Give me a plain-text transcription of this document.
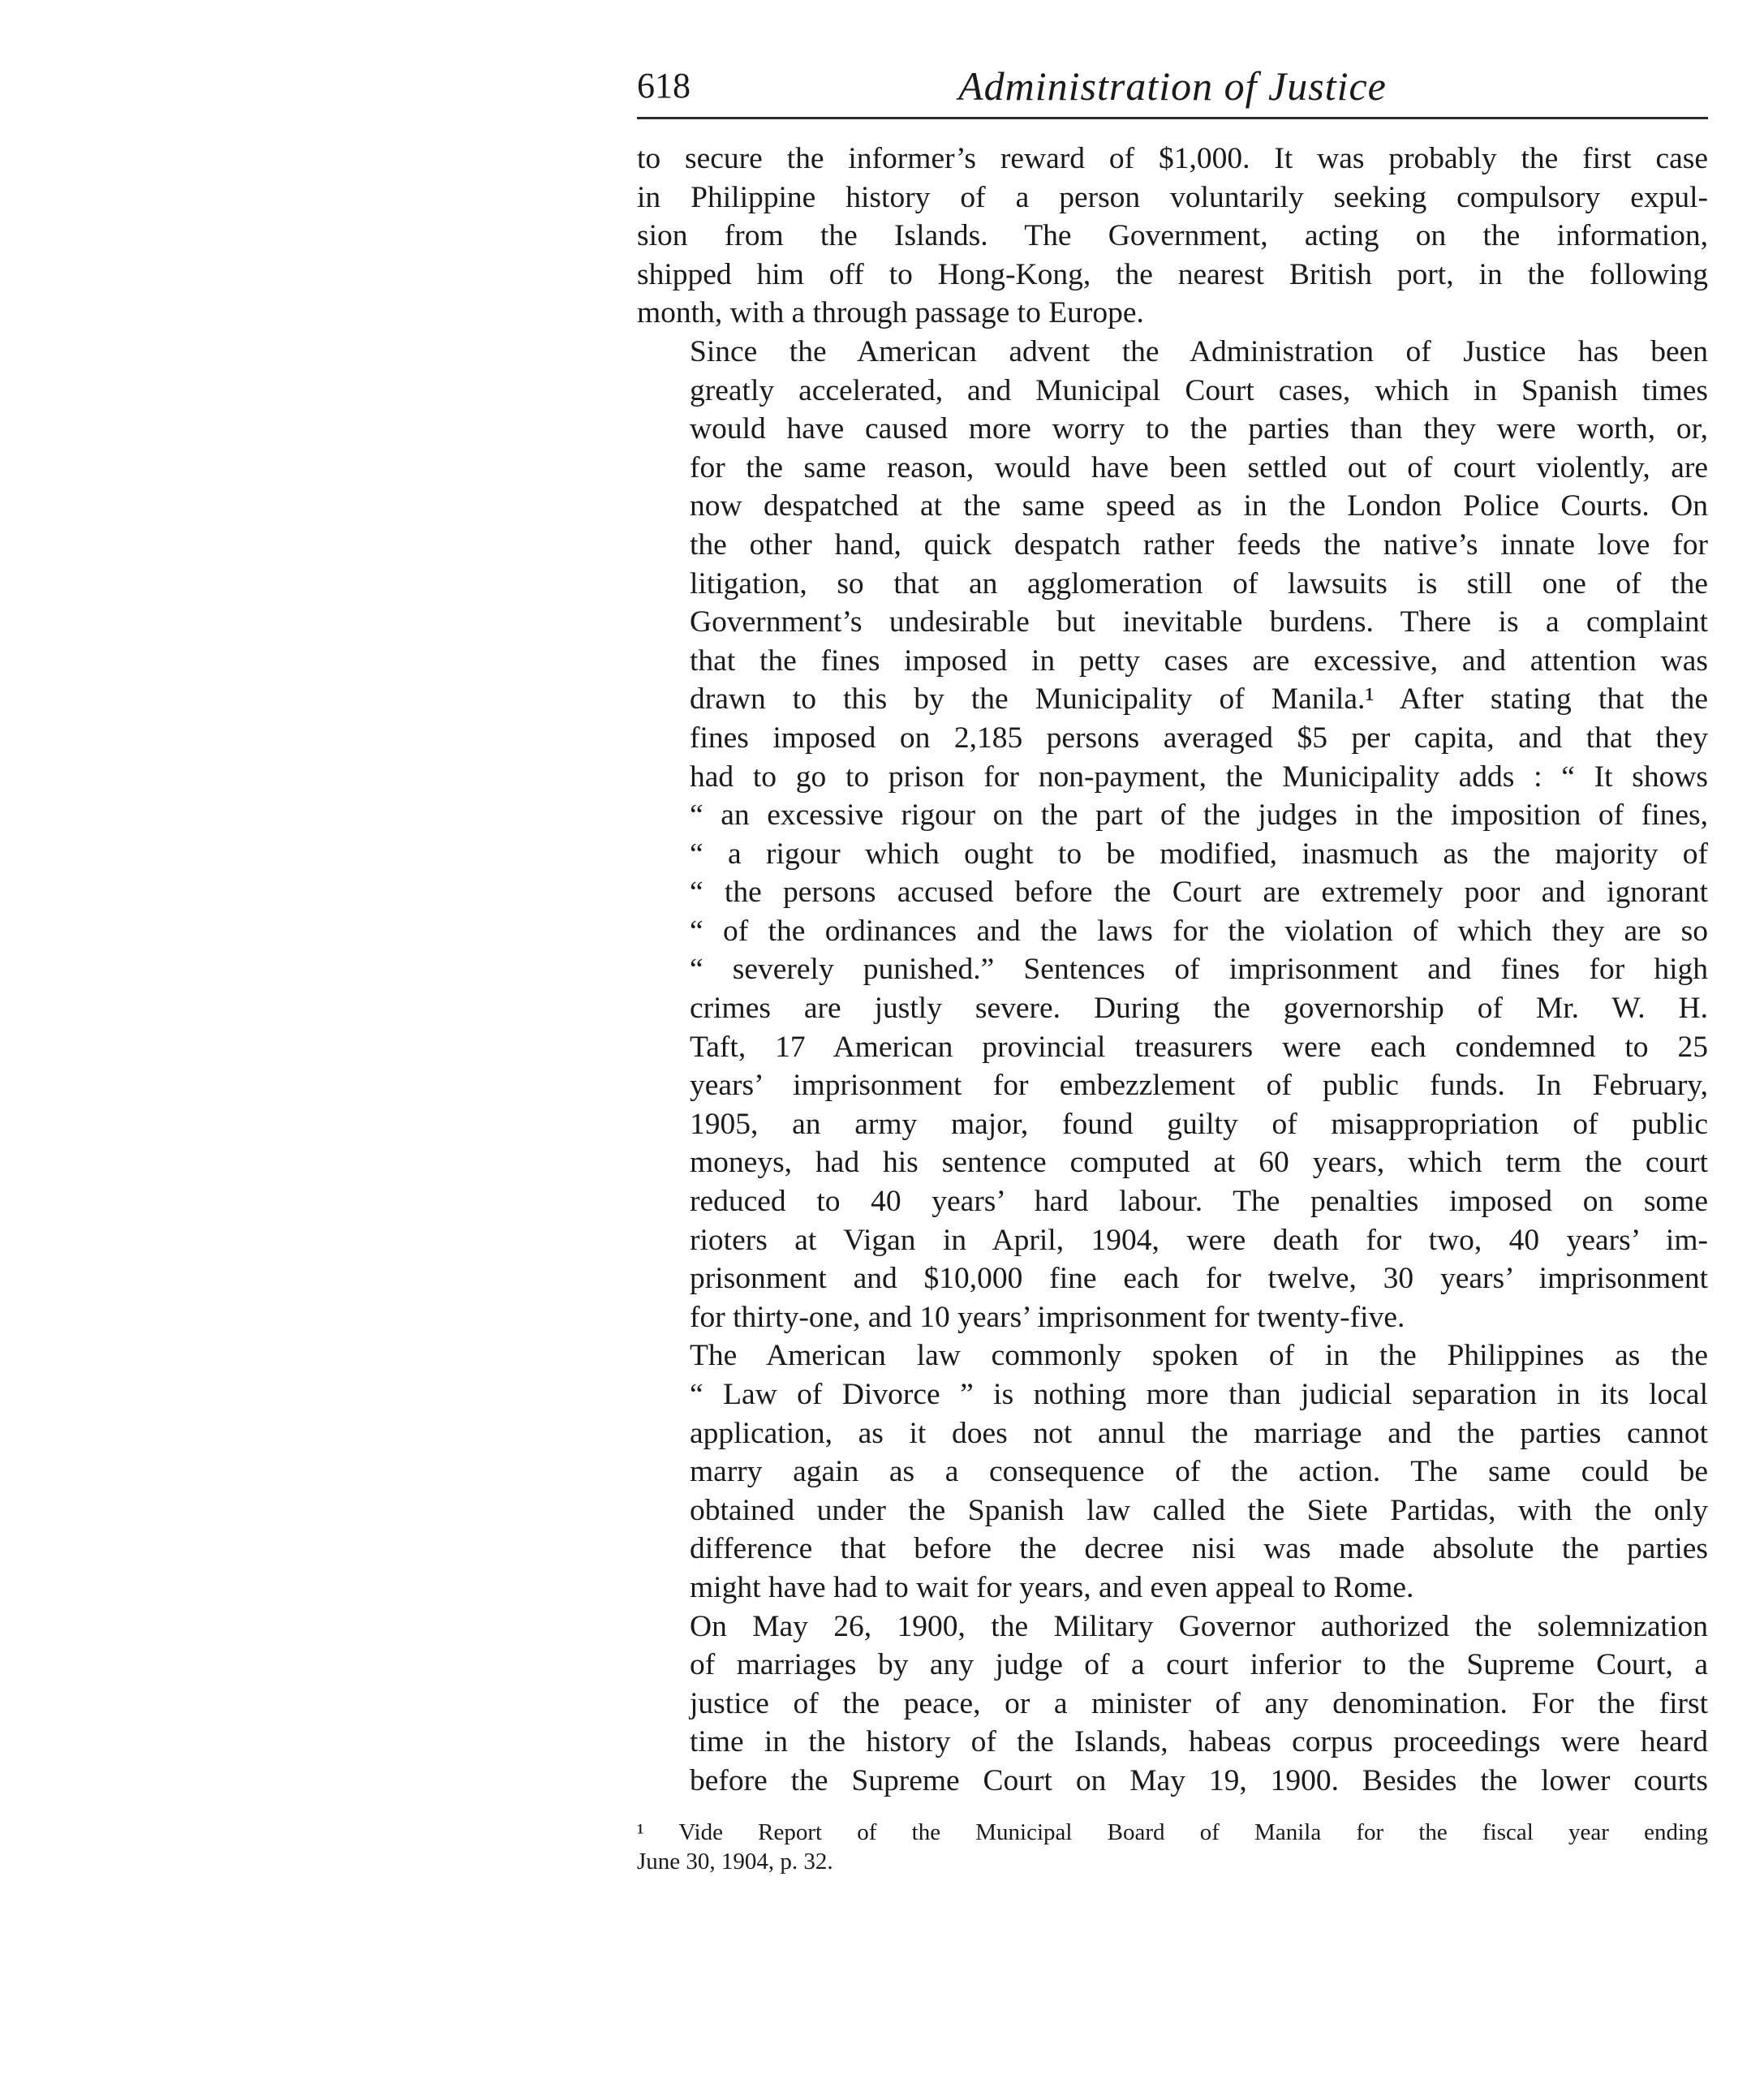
618	Administration of Justice

to secure the informer’s reward of $1,000. It was probably the first case
in Philippine history of a person voluntarily seeking compulsory expul-
sion from the Islands. The Government, acting on the information,
shipped him off to Hong-Kong, the nearest British port, in the following
month, with a through passage to Europe.

Since the American advent the Administration of Justice has been
greatly accelerated, and Municipal Court cases, which in Spanish times
would have caused more worry to the parties than they were worth, or,
for the same reason, would have been settled out of court violently, are
now despatched at the same speed as in the London Police Courts. On
the other hand, quick despatch rather feeds the native’s innate love for
litigation, so that an agglomeration of lawsuits is still one of the
Government’s undesirable but inevitable burdens. There is a complaint
that the fines imposed in petty cases are excessive, and attention was
drawn to this by the Municipality of Manila.¹ After stating that the
fines imposed on 2,185 persons averaged $5 per capita, and that they
had to go to prison for non-payment, the Municipality adds : “ It shows
“ an excessive rigour on the part of the judges in the imposition of fines,
“ a rigour which ought to be modified, inasmuch as the majority of
“ the persons accused before the Court are extremely poor and ignorant
“ of the ordinances and the laws for the violation of which they are so
“ severely punished.” Sentences of imprisonment and fines for high
crimes are justly severe. During the governorship of Mr. W. H.
Taft, 17 American provincial treasurers were each condemned to 25
years’ imprisonment for embezzlement of public funds. In February,
1905, an army major, found guilty of misappropriation of public
moneys, had his sentence computed at 60 years, which term the court
reduced to 40 years’ hard labour. The penalties imposed on some
rioters at Vigan in April, 1904, were death for two, 40 years’ im-
prisonment and $10,000 fine each for twelve, 30 years’ imprisonment
for thirty-one, and 10 years’ imprisonment for twenty-five.

The American law commonly spoken of in the Philippines as the
“ Law of Divorce ” is nothing more than judicial separation in its local
application, as it does not annul the marriage and the parties cannot
marry again as a consequence of the action. The same could be
obtained under the Spanish law called the Siete Partidas, with the only
difference that before the decree nisi was made absolute the parties
might have had to wait for years, and even appeal to Rome.

On May 26, 1900, the Military Governor authorized the solemnization
of marriages by any judge of a court inferior to the Supreme Court, a
justice of the peace, or a minister of any denomination. For the first
time in the history of the Islands, habeas corpus proceedings were heard
before the Supreme Court on May 19, 1900. Besides the lower courts

¹ Vide Report of the Municipal Board of Manila for the fiscal year ending
June 30, 1904, p. 32.
